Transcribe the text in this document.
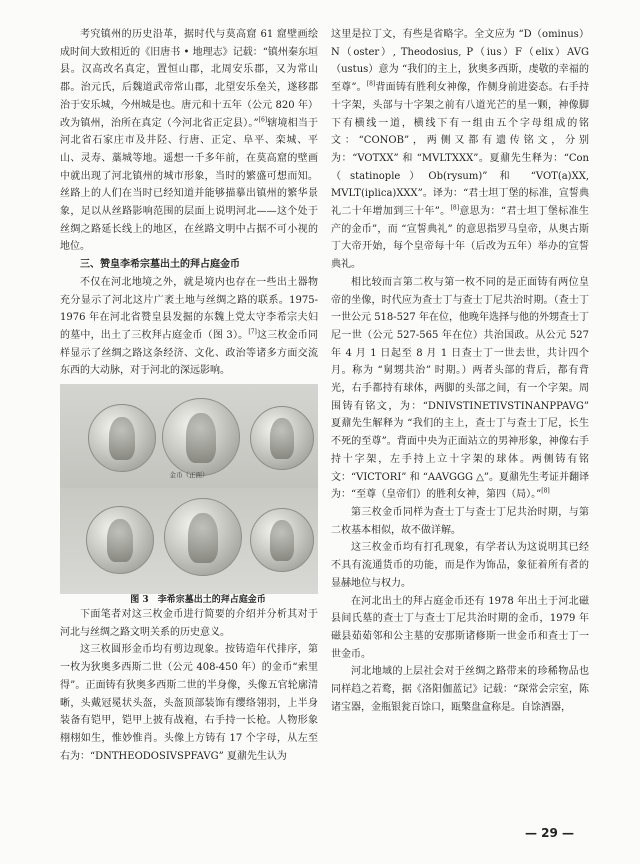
考究镇州的历史沿革，据时代与莫高窟 61 窟壁画绘成时间大致相近的《旧唐书 • 地理志》记载：“镇州秦东垣县。汉高改名真定，置恒山郡，北周安乐郡，又为常山郡。治元氏，后魏道武帝常山郡，北望安乐垒关，遂移郡治于安乐城，今州城是也。唐元和十五年（公元 820 年）改为镇州，治所在真定（今河北省正定县）。”[6]辖境相当于河北省石家庄市及井陉、行唐、正定、阜平、栾城、平山、灵寿、藁城等地。遥想一千多年前，在莫高窟的壁画中就出现了河北镇州的城市形象，当时的繁盛可想而知。丝路上的人们在当时已经知道并能够描摹出镇州的繁华景象，足以从丝路影响范围的层面上说明河北——这个处于丝绸之路延长线上的地区，在丝路文明中占据不可小视的地位。

三、赞皇李希宗墓出土的拜占庭金币

不仅在河北地境之外，就是境内也存在一些出土器物充分显示了河北这片广袤土地与丝绸之路的联系。1975-1976 年在河北省赞皇县发掘的东魏上党太守李希宗夫妇的墓中，出土了三枚拜占庭金币（图 3）。[7]这三枚金币同样显示了丝绸之路这条经济、文化、政治等诸多方面交流东西的大动脉，对于河北的深远影响。

金币（正面）

图 3　李希宗墓出土的拜占庭金币

下面笔者对这三枚金币进行简要的介绍并分析其对于河北与丝绸之路文明关系的历史意义。

这三枚圆形金币均有剪边现象。按铸造年代排序，第一枚为狄奥多西斯二世（公元 408-450 年）的金币“索里得”。正面铸有狄奥多西斯二世的半身像，头像五官轮廓清晰，头戴冠冕状头盔，头盔顶部装饰有缨络翎羽，上半身装备有铠甲，铠甲上披有战袍，右手持一长枪。人物形象栩栩如生，惟妙惟肖。头像上方铸有 17 个字母，从左至右为：“DNTHEODOSIVSPFAVG” 夏鼐先生认为

这里是拉丁文，有些是省略字。全文应为 “D（ominus）N（oster）, Theodosius, P（ius）F（elix）AVG（ustus）意为 “我们的主上，狄奥多西斯，虔敬的幸福的至尊”。[8]背面铸有胜利女神像，作侧身前进姿态。右手持十字架，头部与十字架之前有八道光芒的星一颗，神像脚下有横线一道，横线下有一组由五个字母组成的铭文：“CONOB”，两侧又都有遗传铭文，分别为：“VOTXX” 和 “MVLTXXX”。夏鼐先生释为：“Con（statinople）Ob(rysum)” 和 “VOT(a)XX, MVLT(iplica)XXX”。译为：“君士坦丁堡的标准，宣誓典礼二十年增加到三十年”。[8]意思为：“君士坦丁堡标准生产的金币”，而 “宣誓典礼” 的意思指罗马皇帝，从奥古斯丁大帝开始，每个皇帝每十年（后改为五年）举办的宣誓典礼。

相比较而言第二枚与第一枚不同的是正面铸有两位皇帝的坐像，时代应为查士丁与查士丁尼共治时期。（查士丁一世公元 518-527 年在位，他晚年选择与他的外甥查士丁尼一世（公元 527-565 年在位）共治国政。从公元 527 年 4 月 1 日起至 8 月 1 日查士丁一世去世，共计四个月。称为 “舅甥共治” 时期。）两者头部的背后，都有背光，右手都持有球体，两脚的头部之间，有一个字架。周围铸有铭文，为：“DNIVSTINETIVSTINANPPAVG” 夏鼐先生解释为 “我们的主上，查士丁与查士丁尼，长生不死的至尊”。背面中央为正面站立的男神形象，神像右手持十字架，左手持上立十字架的球体。两侧铸有铭文：“VICTORI” 和 “AAVGGG △”。夏鼐先生考证并翻译为：“至尊（皇帝们）的胜利女神，第四（局）。”[8]

第三枚金币同样为查士丁与查士丁尼共治时期，与第二枚基本相似，故不做详解。

这三枚金币均有打孔现象，有学者认为这说明其已经不具有流通货币的功能，而是作为饰品，象征着所有者的显赫地位与权力。

在河北出土的拜占庭金币还有 1978 年出土于河北磁县间氏墓的查士丁与查士丁尼共治时期的金币，1979 年磁县茹茹邻和公主墓的安那斯诸修斯一世金币和查士丁一世金币。

河北地域的上层社会对于丝绸之路带来的珍稀物品也同样趋之若鹜，据《洛阳伽蓝记》记载：“琛常会宗室，陈诸宝器，金瓶银瓮百馀口，瓯檠盘盒称是。自馀酒器，

— 29 —
